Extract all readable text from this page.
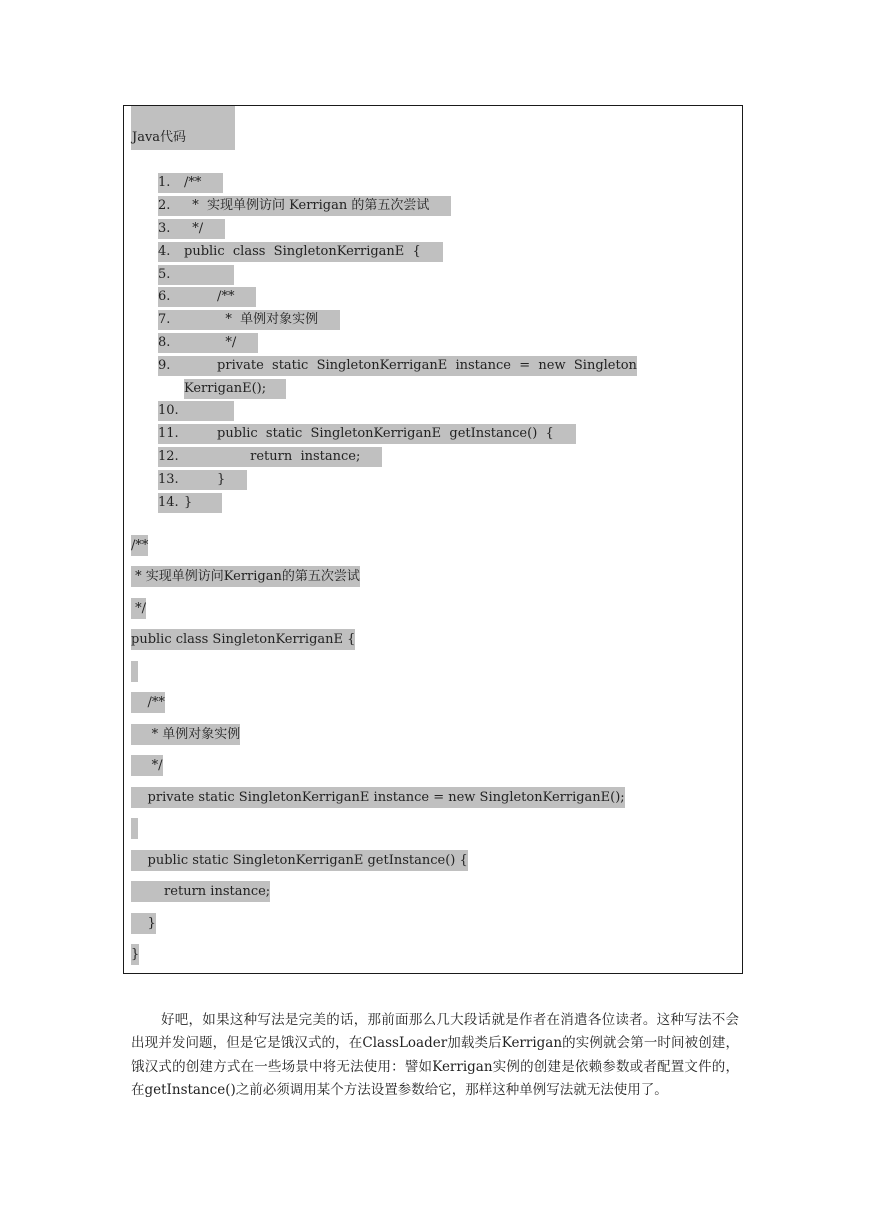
Java代码
1. /**
2.  *  实现单例访问 Kerrigan 的第五次尝试
3.  */
4. public  class  SingletonKerriganE  {
5.
6.        /**
7.          *  单例对象实例
8.          */
9.        private  static  SingletonKerriganE  instance  =  new  Singleton
KerriganE();
10.
11.        public  static  SingletonKerriganE  getInstance()  {
12.                return  instance;
13.        }
14. }
/**
* 实现单例访问Kerrigan的第五次尝试
*/
public class SingletonKerriganE {
/**
* 单例对象实例
*/
private static SingletonKerriganE instance = new SingletonKerriganE();
public static SingletonKerriganE getInstance() {
return instance;
}
}

好吧，如果这种写法是完美的话，那前面那么几大段话就是作者在消遣各位读者。这种写法不会出现并发问题，但是它是饿汉式的，在ClassLoader加载类后Kerrigan的实例就会第一时间被创建，饿汉式的创建方式在一些场景中将无法使用：譬如Kerrigan实例的创建是依赖参数或者配置文件的，在getInstance()之前必须调用某个方法设置参数给它，那样这种单例写法就无法使用了。
